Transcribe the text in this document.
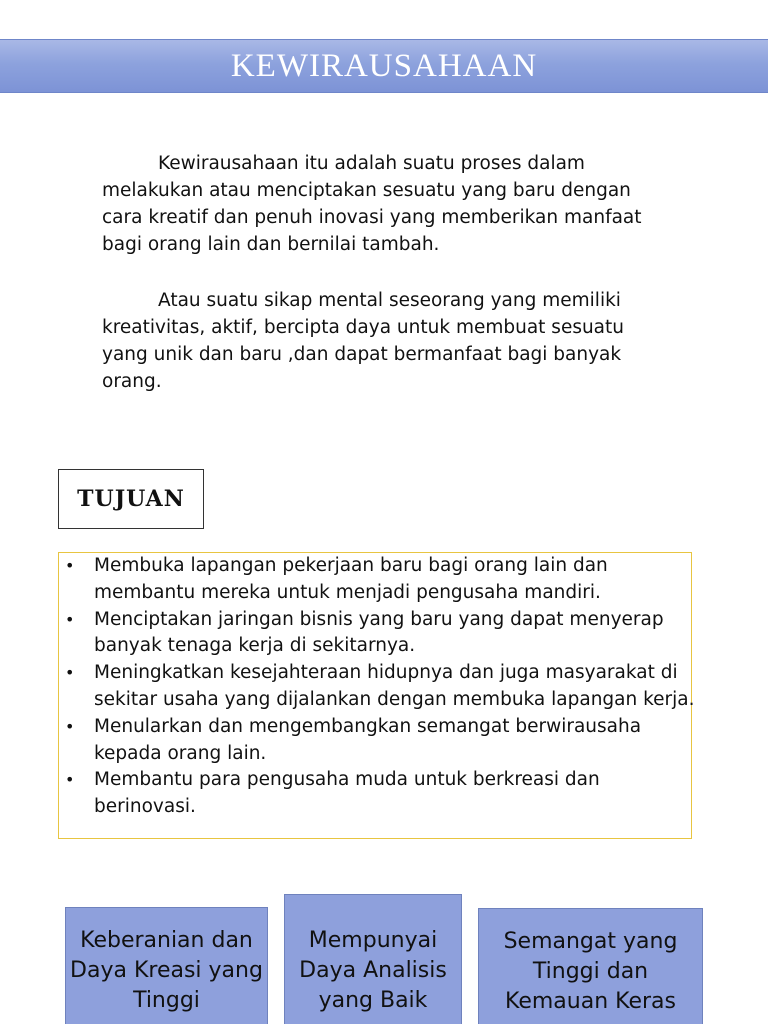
KEWIRAUSAHAAN

Kewirausahaan itu adalah suatu proses dalam melakukan atau menciptakan sesuatu yang baru dengan cara kreatif dan penuh inovasi yang memberikan manfaat bagi orang lain dan bernilai tambah.

Atau suatu sikap mental seseorang yang memiliki kreativitas, aktif, bercipta daya untuk membuat sesuatu yang unik dan baru ,dan dapat bermanfaat bagi banyak orang.

TUJUAN
• Membuka lapangan pekerjaan baru bagi orang lain dan membantu mereka untuk menjadi pengusaha mandiri.
• Menciptakan jaringan bisnis yang baru yang dapat menyerap banyak tenaga kerja di sekitarnya.
• Meningkatkan kesejahteraan hidupnya dan juga masyarakat di sekitar usaha yang dijalankan dengan membuka lapangan kerja.
• Menularkan dan mengembangkan semangat berwirausaha kepada orang lain.
• Membantu para pengusaha muda untuk berkreasi dan berinovasi.
Keberanian dan Daya Kreasi yang Tinggi
Mempunyai Daya Analisis yang Baik
Semangat yang Tinggi dan Kemauan Keras
